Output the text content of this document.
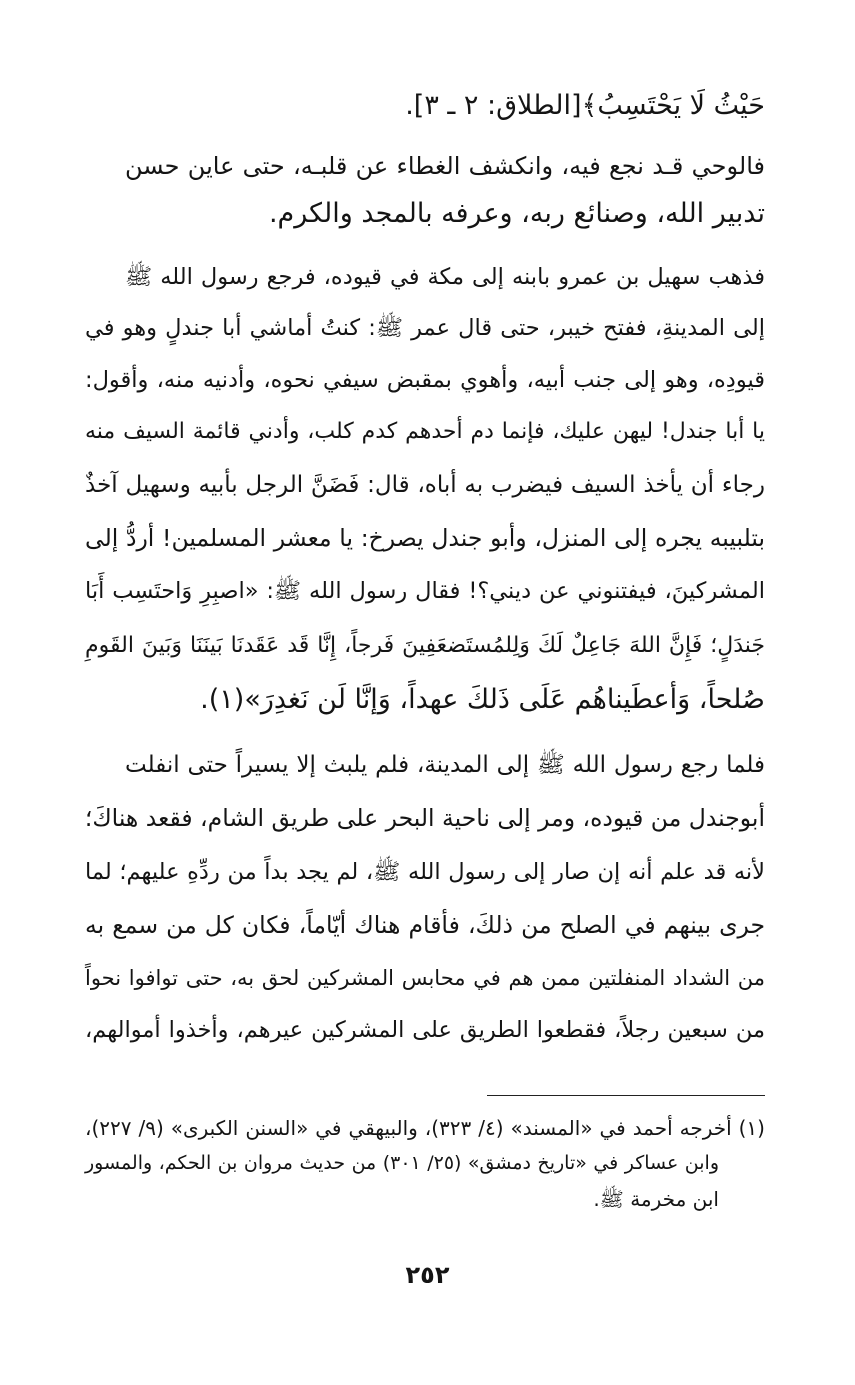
حَيْثُ لَا يَحْتَسِبُ﴾[الطلاق: ٢ ـ ٣].
فالوحي قـد نجع فيه، وانكشف الغطاء عن قلبـه، حتى عاين حسن
تدبير الله، وصنائع ربه، وعرفه بالمجد والكرم.
فذهب سهيل بن عمرو بابنه إلى مكة في قيوده، فرجع رسول الله ﷺ
إلى المدينةِ، ففتح خيبر، حتى قال عمر ﷺ: كنتُ أماشي أبا جندلٍ وهو في
قيودِه، وهو إلى جنب أبيه، وأهوي بمقبض سيفي نحوه، وأدنيه منه، وأقول:
يا أبا جندل! ليهن عليك، فإنما دم أحدهم كدم كلب، وأدني قائمة السيف منه
رجاء أن يأخذ السيف فيضرب به أباه، قال: فَضَنَّ الرجل بأبيه وسهيل آخذٌ
بتلبيبه يجره إلى المنزل، وأبو جندل يصرخ: يا معشر المسلمين! أردُّ إلى
المشركينَ، فيفتنوني عن ديني؟! فقال رسول الله ﷺ: «اصبِرِ وَاحتَسِب أَبَا
جَندَلٍ؛ فَإِنَّ اللهَ جَاعِلٌ لَكَ وَلِلمُستَضعَفِينَ فَرجاً، إِنَّا قَد عَقَدنَا بَينَنَا وَبَينَ القَومِ
صُلحاً، وَأعطَيناهُم عَلَى ذَلكَ عهداً، وَإنَّا لَن نَغدِرَ»(١).
فلما رجع رسول الله ﷺ إلى المدينة، فلم يلبث إلا يسيراً حتى انفلت
أبوجندل من قيوده، ومر إلى ناحية البحر على طريق الشام، فقعد هناكَ؛
لأنه قد علم أنه إن صار إلى رسول الله ﷺ، لم يجد بداً من ردِّهِ عليهم؛ لما
جرى بينهم في الصلح من ذلكَ، فأقام هناك أيّاماً، فكان كل من سمع به
من الشداد المنفلتين ممن هم في محابس المشركين لحق به، حتى توافوا نحواً
من سبعين رجلاً، فقطعوا الطريق على المشركين عيرهم، وأخذوا أموالهم،
(١) أخرجه أحمد في «المسند» (٤/ ٣٢٣)، والبيهقي في «السنن الكبرى» (٩/ ٢٢٧)،
وابن عساكر في «تاريخ دمشق» (٢٥/ ٣٠١) من حديث مروان بن الحكم، والمسور
ابن مخرمة ﷺ.
٢٥٢
